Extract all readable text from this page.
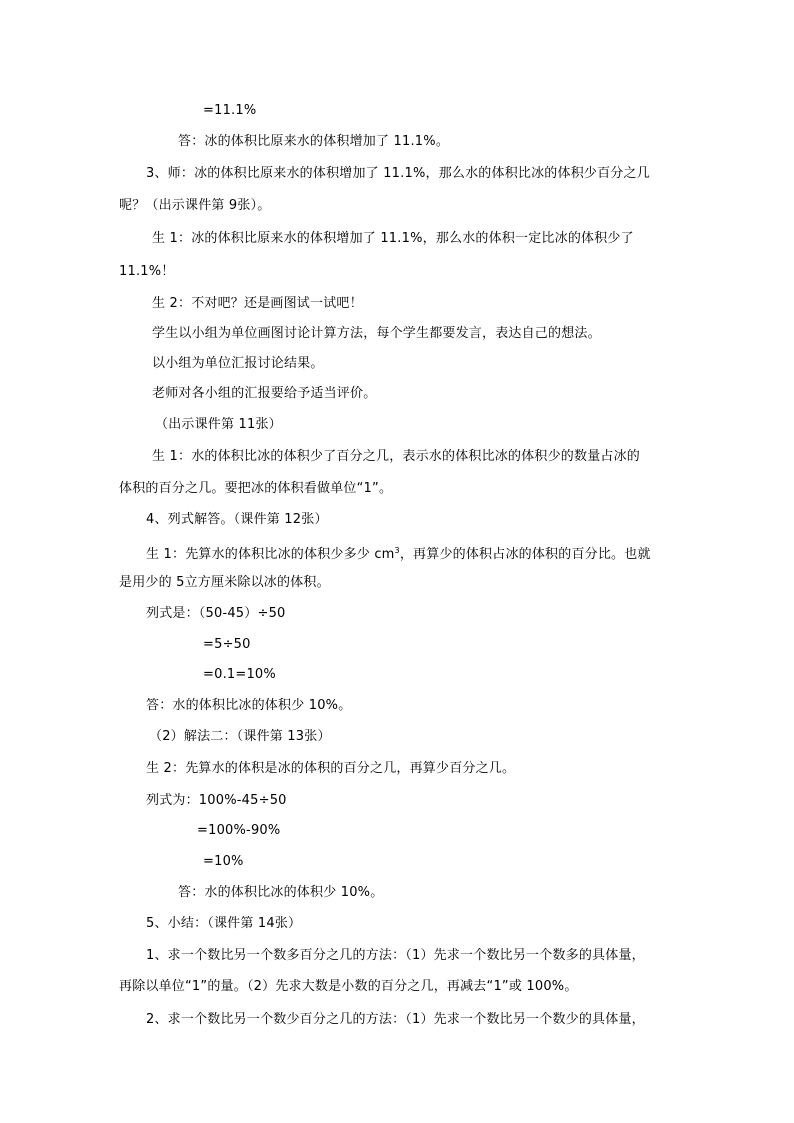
=11.1%
答：冰的体积比原来水的体积增加了 11.1%。
3、师：冰的体积比原来水的体积增加了 11.1%，那么水的体积比冰的体积少百分之几
呢？（出示课件第 9张）。
生 1：冰的体积比原来水的体积增加了 11.1%，那么水的体积一定比冰的体积少了
11.1%！
生 2：不对吧？还是画图试一试吧！
学生以小组为单位画图讨论计算方法，每个学生都要发言，表达自己的想法。
以小组为单位汇报讨论结果。
老师对各小组的汇报要给予适当评价。
（出示课件第 11张）
生 1：水的体积比冰的体积少了百分之几，表示水的体积比冰的体积少的数量占冰的
体积的百分之几。要把冰的体积看做单位“1”。
4、列式解答。（课件第 12张）
生 1：先算水的体积比冰的体积少多少 $cm^3$，再算少的体积占冰的体积的百分比。也就
是用少的 5立方厘米除以冰的体积。
列式是：（50-45）÷50
=5÷50
=0.1=10%
答：水的体积比冰的体积少 10%。
（2）解法二：（课件第 13张）
生 2：先算水的体积是冰的体积的百分之几，再算少百分之几。
列式为：100%-45÷50
=100%-90%
=10%
答：水的体积比冰的体积少 10%。
5、小结：（课件第 14张）
1、求一个数比另一个数多百分之几的方法：（1）先求一个数比另一个数多的具体量，
再除以单位“1”的量。（2）先求大数是小数的百分之几，再减去“1”或 100%。
2、求一个数比另一个数少百分之几的方法：（1）先求一个数比另一个数少的具体量，
